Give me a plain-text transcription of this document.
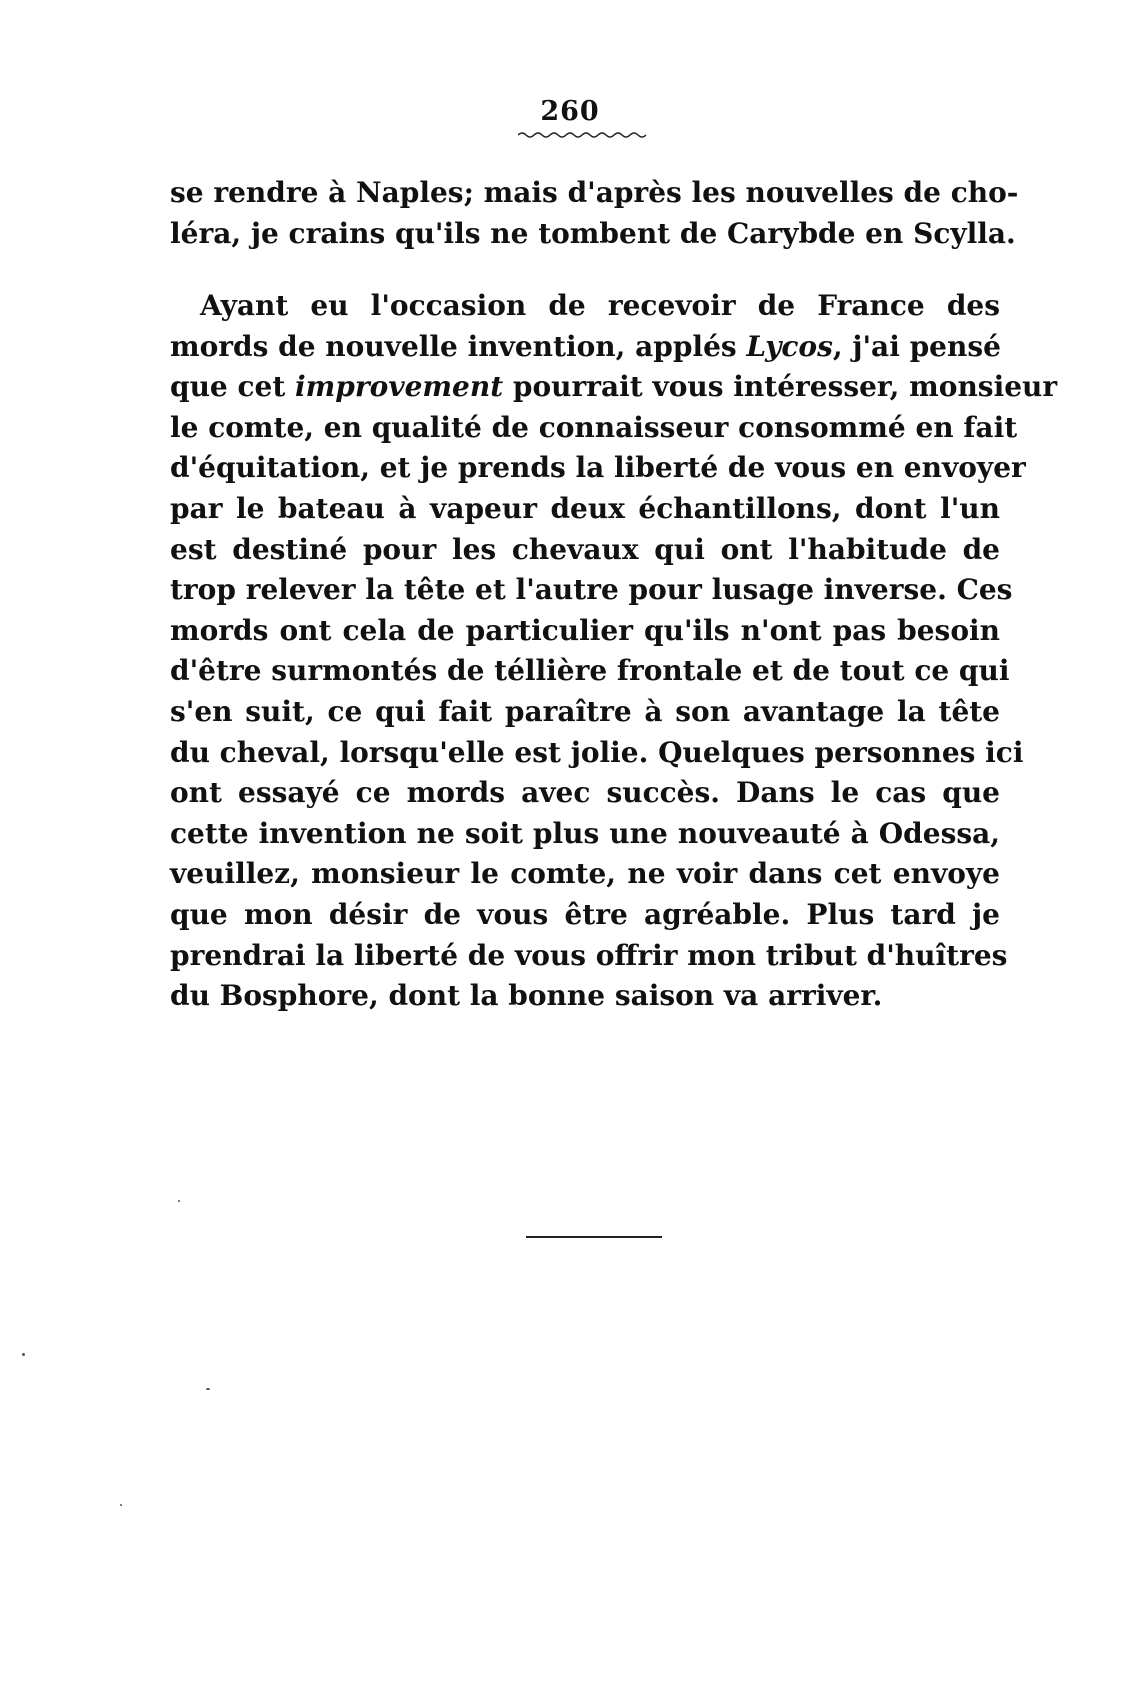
260
se rendre à Naples; mais d'après les nouvelles de cho-
léra, je crains qu'ils ne tombent de Carybde en Scylla.
Ayant eu l'occasion de recevoir de France des
mords de nouvelle invention, applés Lycos, j'ai pensé
que cet improvement pourrait vous intéresser, monsieur
le comte, en qualité de connaisseur consommé en fait
d'équitation, et je prends la liberté de vous en envoyer
par le bateau à vapeur deux échantillons, dont l'un
est destiné pour les chevaux qui ont l'habitude de
trop relever la tête et l'autre pour lusage inverse. Ces
mords ont cela de particulier qu'ils n'ont pas besoin
d'être surmontés de téllière frontale et de tout ce qui
s'en suit, ce qui fait paraître à son avantage la tête
du cheval, lorsqu'elle est jolie. Quelques personnes ici
ont essayé ce mords avec succès. Dans le cas que
cette invention ne soit plus une nouveauté à Odessa,
veuillez, monsieur le comte, ne voir dans cet envoye
que mon désir de vous être agréable. Plus tard je
prendrai la liberté de vous offrir mon tribut d'huîtres
du Bosphore, dont la bonne saison va arriver.
